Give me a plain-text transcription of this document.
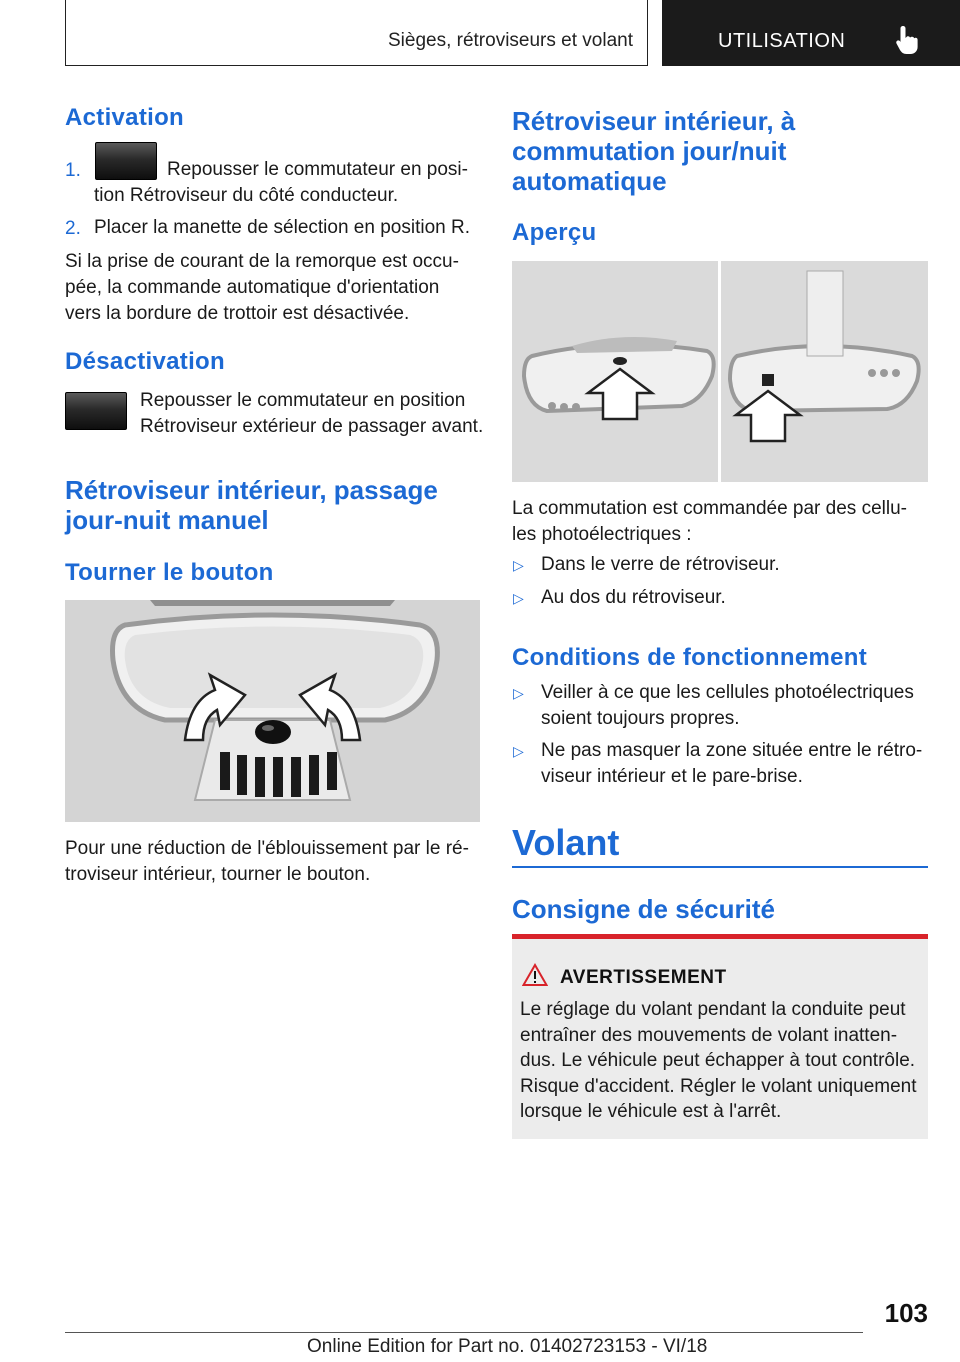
Sièges, rétroviseurs et volant	UTILISATION
Activation
1.	Repousser le commutateur en posi-
tion Rétroviseur du côté conducteur.
2. Placer la manette de sélection en position R.
Si la prise de courant de la remorque est occu-
pée, la commande automatique d'orientation
vers la bordure de trottoir est désactivée.
Désactivation
Repousser le commutateur en position
Rétroviseur extérieur de passager avant.
Rétroviseur intérieur, passage
jour-nuit manuel
Tourner le bouton
Pour une réduction de l'éblouissement par le ré-
troviseur intérieur, tourner le bouton.
Rétroviseur intérieur, à
commutation jour/nuit
automatique
Aperçu
La commutation est commandée par des cellu-
les photoélectriques :
▷ Dans le verre de rétroviseur.
▷ Au dos du rétroviseur.
Conditions de fonctionnement
▷ Veiller à ce que les cellules photoélectriques
soient toujours propres.
▷ Ne pas masquer la zone située entre le rétro-
viseur intérieur et le pare-brise.
Volant
Consigne de sécurité
AVERTISSEMENT
Le réglage du volant pendant la conduite peut
entraîner des mouvements de volant inatten-
dus. Le véhicule peut échapper à tout contrôle.
Risque d'accident. Régler le volant uniquement
lorsque le véhicule est à l'arrêt.
103
Online Edition for Part no. 01402723153 - VI/18
